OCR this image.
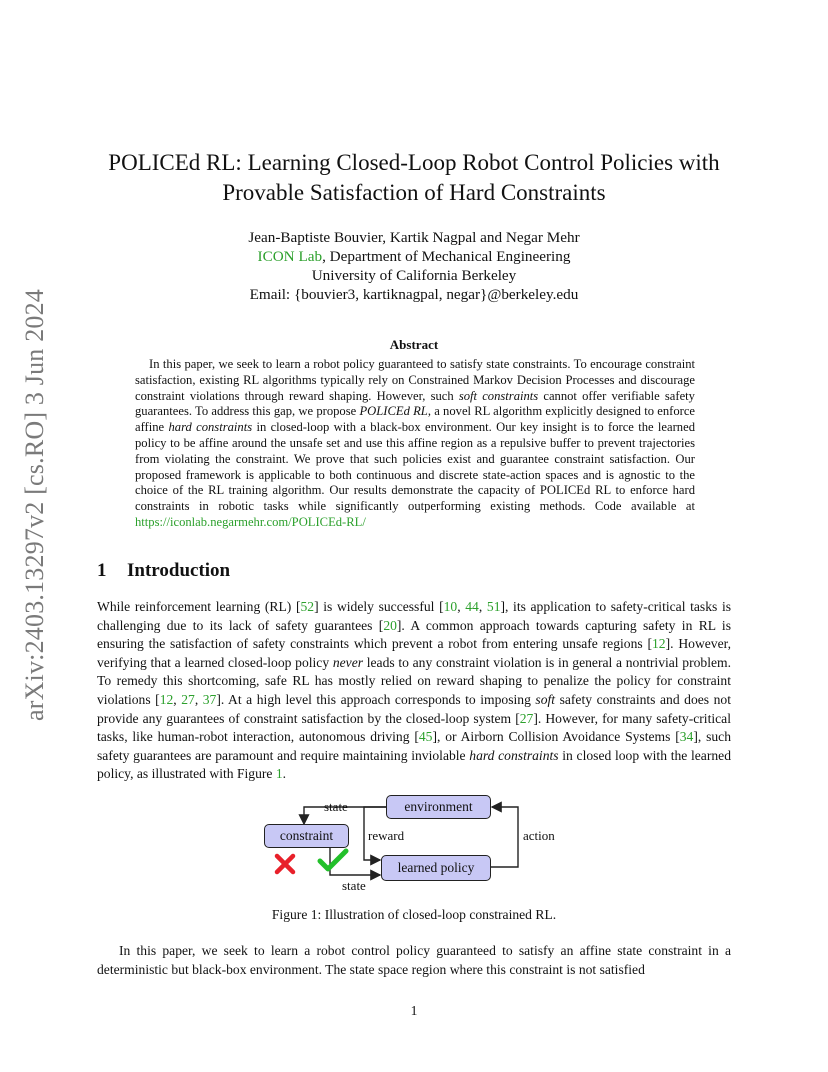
arXiv:2403.13297v2 [cs.RO] 3 Jun 2024
POLICEd RL: Learning Closed-Loop Robot Control Policies with
Provable Satisfaction of Hard Constraints
Jean-Baptiste Bouvier, Kartik Nagpal and Negar Mehr
ICON Lab, Department of Mechanical Engineering
University of California Berkeley
Email: {bouvier3, kartiknagpal, negar}@berkeley.edu
Abstract
In this paper, we seek to learn a robot policy guaranteed to satisfy state constraints. To encourage constraint satisfaction, existing RL algorithms typically rely on Constrained Markov Decision Processes and discourage constraint violations through reward shaping. However, such soft constraints cannot offer verifiable safety guarantees. To address this gap, we propose POLICEd RL, a novel RL algorithm explicitly designed to enforce affine hard constraints in closed-loop with a black-box environment. Our key insight is to force the learned policy to be affine around the unsafe set and use this affine region as a repulsive buffer to prevent trajectories from violating the constraint. We prove that such policies exist and guarantee constraint satisfaction. Our proposed framework is applicable to both continuous and discrete state-action spaces and is agnostic to the choice of the RL training algorithm. Our results demonstrate the capacity of POLICEd RL to enforce hard constraints in robotic tasks while significantly outperforming existing methods. Code available at https://iconlab.negarmehr.com/POLICEd-RL/
1 Introduction
While reinforcement learning (RL) [52] is widely successful [10, 44, 51], its application to safety-critical tasks is challenging due to its lack of safety guarantees [20]. A common approach towards capturing safety in RL is ensuring the satisfaction of safety constraints which prevent a robot from entering unsafe regions [12]. However, verifying that a learned closed-loop policy never leads to any constraint violation is in general a nontrivial problem. To remedy this shortcoming, safe RL has mostly relied on reward shaping to penalize the policy for constraint violations [12, 27, 37]. At a high level this approach corresponds to imposing soft safety constraints and does not provide any guarantees of constraint satisfaction by the closed-loop system [27]. However, for many safety-critical tasks, like human-robot interaction, autonomous driving [45], or Airborn Collision Avoidance Systems [34], such safety guarantees are paramount and require maintaining inviolable hard constraints in closed loop with the learned policy, as illustrated with Figure 1.
environment
constraint
learned policy
state
reward	action
state
Figure 1: Illustration of closed-loop constrained RL.
In this paper, we seek to learn a robot control policy guaranteed to satisfy an affine state constraint in a deterministic but black-box environment. The state space region where this constraint is not satisfied
1
